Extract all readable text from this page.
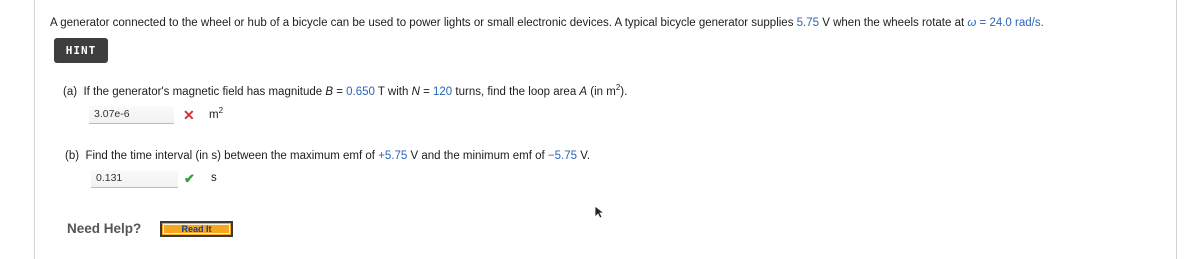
A generator connected to the wheel or hub of a bicycle can be used to power lights or small electronic devices. A typical bicycle generator supplies 5.75 V when the wheels rotate at ω = 24.0 rad/s.
HINT
(a) If the generator's magnetic field has magnitude B = 0.650 T with N = 120 turns, find the loop area A (in $m^2$).
3.07e-6	✕ $m^2$
(b) Find the time interval (in s) between the maximum emf of +5.75 V and the minimum emf of −5.75 V.
0.131	✔ s
Need Help?	Read It
